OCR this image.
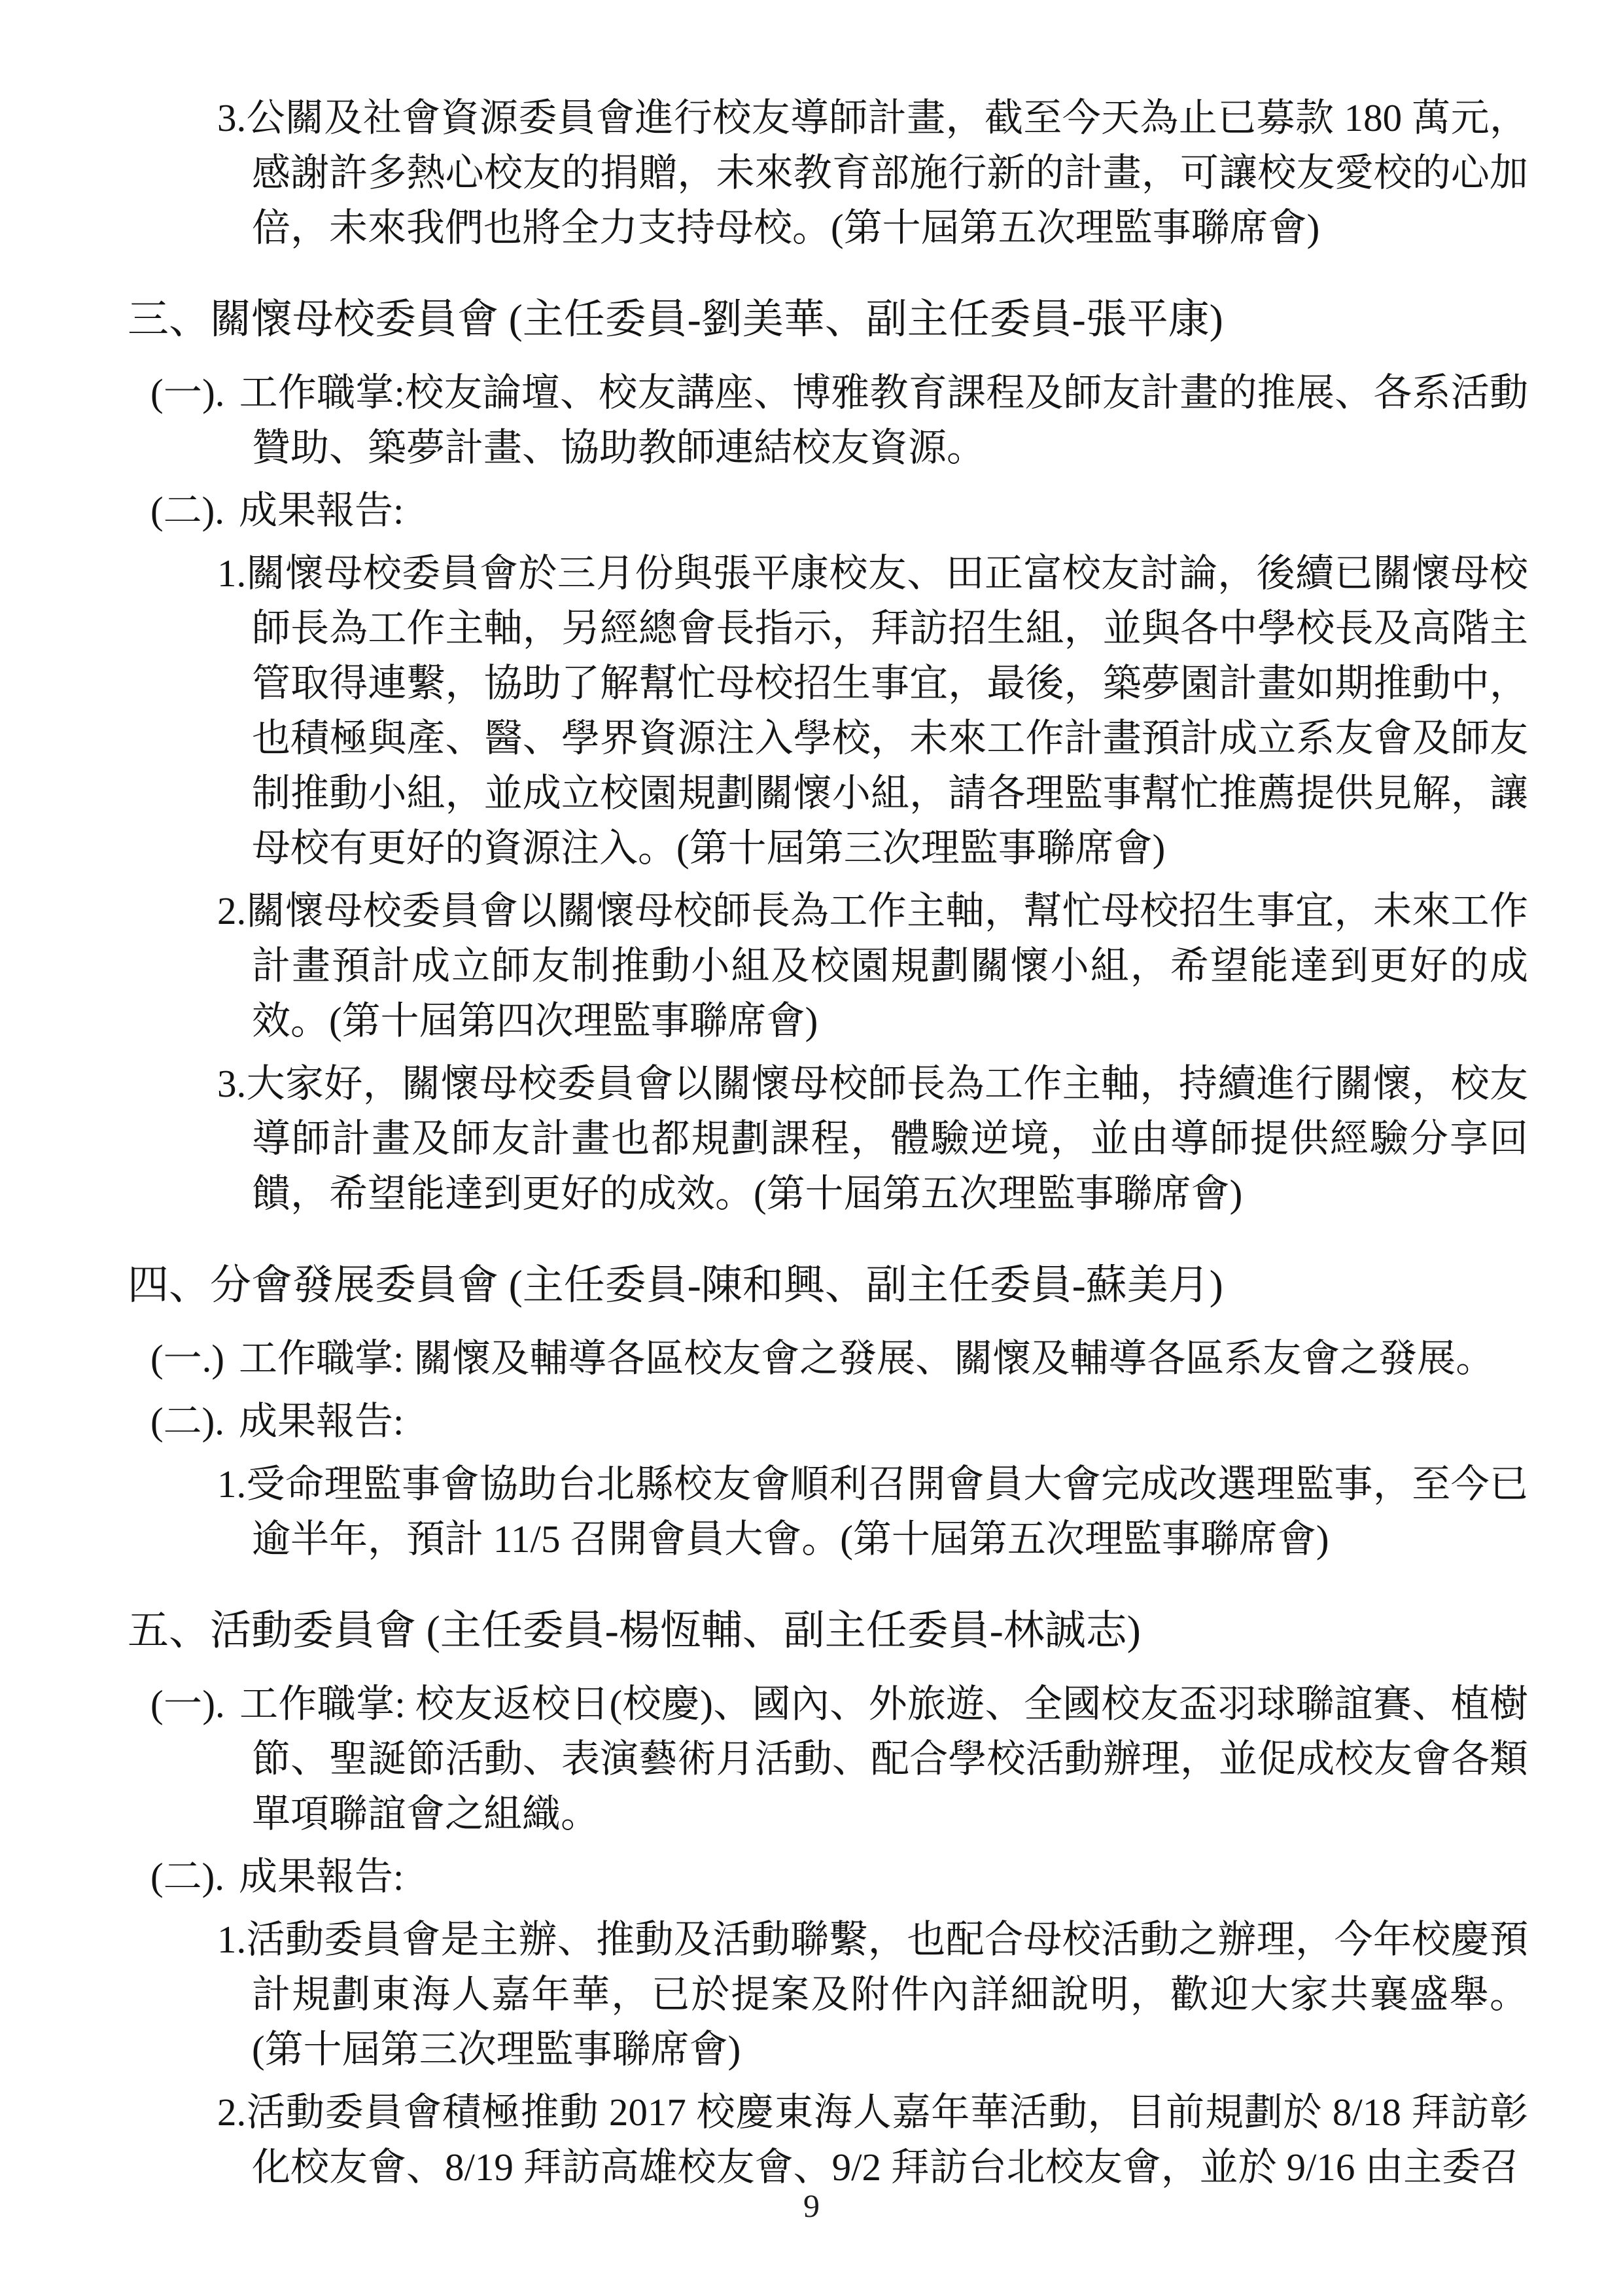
3.公關及社會資源委員會進行校友導師計畫，截至今天為止已募款 180 萬元，感謝許多熱心校友的捐贈，未來教育部施行新的計畫，可讓校友愛校的心加倍，未來我們也將全力支持母校。(第十屆第五次理監事聯席會)
三、關懷母校委員會 (主任委員-劉美華、副主任委員-張平康)
(一). 工作職掌:校友論壇、校友講座、博雅教育課程及師友計畫的推展、各系活動贊助、築夢計畫、協助教師連結校友資源。
(二). 成果報告:
1.關懷母校委員會於三月份與張平康校友、田正富校友討論，後續已關懷母校師長為工作主軸，另經總會長指示，拜訪招生組，並與各中學校長及高階主管取得連繫，協助了解幫忙母校招生事宜，最後，築夢園計畫如期推動中，也積極與產、醫、學界資源注入學校，未來工作計畫預計成立系友會及師友制推動小組，並成立校園規劃關懷小組，請各理監事幫忙推薦提供見解，讓母校有更好的資源注入。(第十屆第三次理監事聯席會)
2.關懷母校委員會以關懷母校師長為工作主軸，幫忙母校招生事宜，未來工作計畫預計成立師友制推動小組及校園規劃關懷小組，希望能達到更好的成效。(第十屆第四次理監事聯席會)
3.大家好，關懷母校委員會以關懷母校師長為工作主軸，持續進行關懷，校友導師計畫及師友計畫也都規劃課程，體驗逆境，並由導師提供經驗分享回饋，希望能達到更好的成效。(第十屆第五次理監事聯席會)
四、分會發展委員會 (主任委員-陳和興、副主任委員-蘇美月)
(一.) 工作職掌: 關懷及輔導各區校友會之發展、關懷及輔導各區系友會之發展。
(二). 成果報告:
1.受命理監事會協助台北縣校友會順利召開會員大會完成改選理監事，至今已逾半年，預計 11/5 召開會員大會。(第十屆第五次理監事聯席會)
五、活動委員會 (主任委員-楊恆輔、副主任委員-林誠志)
(一). 工作職掌: 校友返校日(校慶)、國內、外旅遊、全國校友盃羽球聯誼賽、植樹節、聖誕節活動、表演藝術月活動、配合學校活動辦理，並促成校友會各類單項聯誼會之組織。
(二). 成果報告:
1.活動委員會是主辦、推動及活動聯繫，也配合母校活動之辦理，今年校慶預計規劃東海人嘉年華，已於提案及附件內詳細說明，歡迎大家共襄盛舉。(第十屆第三次理監事聯席會)
2.活動委員會積極推動 2017 校慶東海人嘉年華活動，目前規劃於 8/18 拜訪彰化校友會、8/19 拜訪高雄校友會、9/2 拜訪台北校友會，並於 9/16 由主委召
9
